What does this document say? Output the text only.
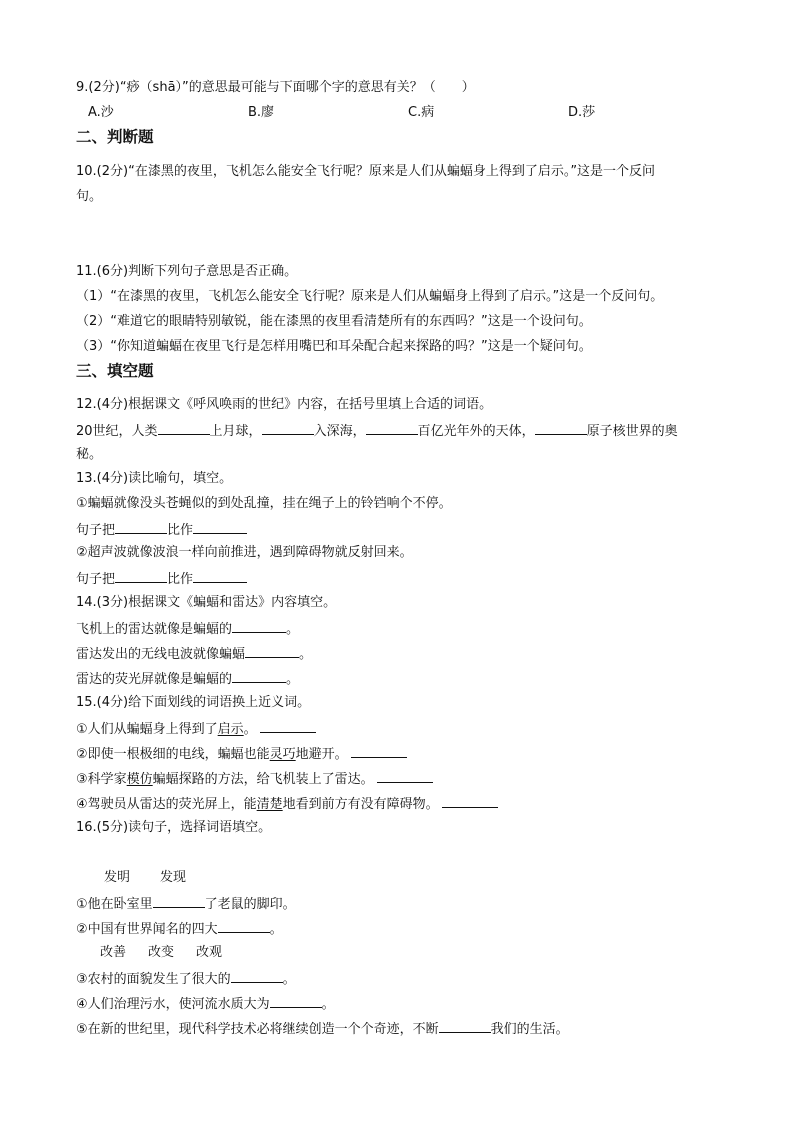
9.(2分)“痧（shā）”的意思最可能与下面哪个字的意思有关？（　　）
A.沙	B.廖	C.病	D.莎
二、判断题
10.(2分)“在漆黑的夜里，飞机怎么能安全飞行呢？原来是人们从蝙蝠身上得到了启示。”这是一个反问
句。
11.(6分)判断下列句子意思是否正确。
（1）“在漆黑的夜里，飞机怎么能安全飞行呢？原来是人们从蝙蝠身上得到了启示。”这是一个反问句。
（2）“难道它的眼睛特别敏锐，能在漆黑的夜里看清楚所有的东西吗？”这是一个设问句。
（3）“你知道蝙蝠在夜里飞行是怎样用嘴巴和耳朵配合起来探路的吗？”这是一个疑问句。
三、填空题
12.(4分)根据课文《呼风唤雨的世纪》内容，在括号里填上合适的词语。
20世纪，人类	上月球，	入深海，	百亿光年外的天体，	原子核世界的奥
秘。
13.(4分)读比喻句，填空。
①蝙蝠就像没头苍蝇似的到处乱撞，挂在绳子上的铃铛响个不停。
句子把	比作
②超声波就像波浪一样向前推进，遇到障碍物就反射回来。
句子把	比作
14.(3分)根据课文《蝙蝠和雷达》内容填空。
飞机上的雷达就像是蝙蝠的	。
雷达发出的无线电波就像蝙蝠	。
雷达的荧光屏就像是蝙蝠的	。
15.(4分)给下面划线的词语换上近义词。
①人们从蝙蝠身上得到了启示。
②即使一根极细的电线，蝙蝠也能灵巧地避开。
③科学家模仿蝙蝠探路的方法，给飞机装上了雷达。
④驾驶员从雷达的荧光屏上，能清楚地看到前方有没有障碍物。
16.(5分)读句子，选择词语填空。
发明 发现
①他在卧室里	了老鼠的脚印。
②中国有世界闻名的四大	。
改善 改变 改观
③农村的面貌发生了很大的	。
④人们治理污水，使河流水质大为	。
⑤在新的世纪里，现代科学技术必将继续创造一个个奇迹，不断	我们的生活。
